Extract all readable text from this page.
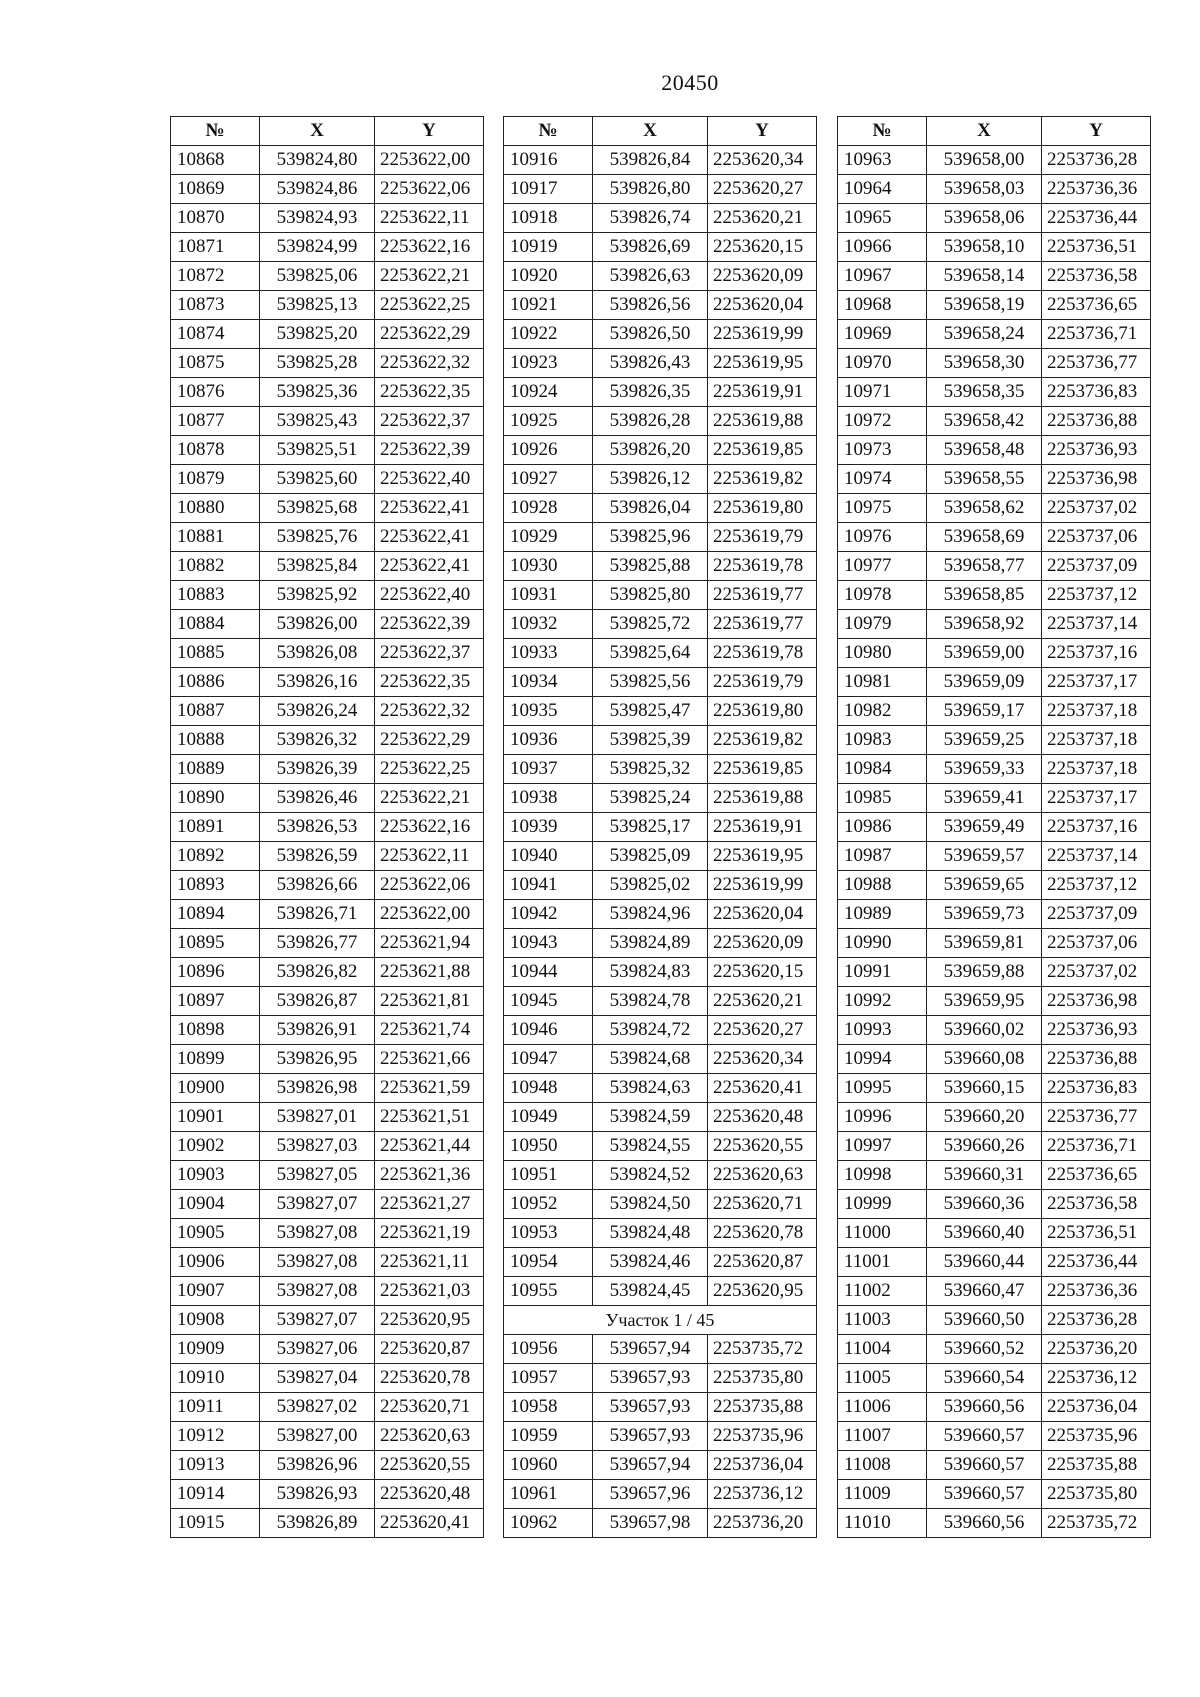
20450
№	X	Y
10868	539824,80	2253622,00
10869	539824,86	2253622,06
10870	539824,93	2253622,11
10871	539824,99	2253622,16
10872	539825,06	2253622,21
10873	539825,13	2253622,25
10874	539825,20	2253622,29
10875	539825,28	2253622,32
10876	539825,36	2253622,35
10877	539825,43	2253622,37
10878	539825,51	2253622,39
10879	539825,60	2253622,40
10880	539825,68	2253622,41
10881	539825,76	2253622,41
10882	539825,84	2253622,41
10883	539825,92	2253622,40
10884	539826,00	2253622,39
10885	539826,08	2253622,37
10886	539826,16	2253622,35
10887	539826,24	2253622,32
10888	539826,32	2253622,29
10889	539826,39	2253622,25
10890	539826,46	2253622,21
10891	539826,53	2253622,16
10892	539826,59	2253622,11
10893	539826,66	2253622,06
10894	539826,71	2253622,00
10895	539826,77	2253621,94
10896	539826,82	2253621,88
10897	539826,87	2253621,81
10898	539826,91	2253621,74
10899	539826,95	2253621,66
10900	539826,98	2253621,59
10901	539827,01	2253621,51
10902	539827,03	2253621,44
10903	539827,05	2253621,36
10904	539827,07	2253621,27
10905	539827,08	2253621,19
10906	539827,08	2253621,11
10907	539827,08	2253621,03
10908	539827,07	2253620,95
10909	539827,06	2253620,87
10910	539827,04	2253620,78
10911	539827,02	2253620,71
10912	539827,00	2253620,63
10913	539826,96	2253620,55
10914	539826,93	2253620,48
10915	539826,89	2253620,41
№	X	Y
10916	539826,84	2253620,34
10917	539826,80	2253620,27
10918	539826,74	2253620,21
10919	539826,69	2253620,15
10920	539826,63	2253620,09
10921	539826,56	2253620,04
10922	539826,50	2253619,99
10923	539826,43	2253619,95
10924	539826,35	2253619,91
10925	539826,28	2253619,88
10926	539826,20	2253619,85
10927	539826,12	2253619,82
10928	539826,04	2253619,80
10929	539825,96	2253619,79
10930	539825,88	2253619,78
10931	539825,80	2253619,77
10932	539825,72	2253619,77
10933	539825,64	2253619,78
10934	539825,56	2253619,79
10935	539825,47	2253619,80
10936	539825,39	2253619,82
10937	539825,32	2253619,85
10938	539825,24	2253619,88
10939	539825,17	2253619,91
10940	539825,09	2253619,95
10941	539825,02	2253619,99
10942	539824,96	2253620,04
10943	539824,89	2253620,09
10944	539824,83	2253620,15
10945	539824,78	2253620,21
10946	539824,72	2253620,27
10947	539824,68	2253620,34
10948	539824,63	2253620,41
10949	539824,59	2253620,48
10950	539824,55	2253620,55
10951	539824,52	2253620,63
10952	539824,50	2253620,71
10953	539824,48	2253620,78
10954	539824,46	2253620,87
10955	539824,45	2253620,95
Участок 1 / 45		
10956	539657,94	2253735,72
10957	539657,93	2253735,80
10958	539657,93	2253735,88
10959	539657,93	2253735,96
10960	539657,94	2253736,04
10961	539657,96	2253736,12
10962	539657,98	2253736,20
№	X	Y
10963	539658,00	2253736,28
10964	539658,03	2253736,36
10965	539658,06	2253736,44
10966	539658,10	2253736,51
10967	539658,14	2253736,58
10968	539658,19	2253736,65
10969	539658,24	2253736,71
10970	539658,30	2253736,77
10971	539658,35	2253736,83
10972	539658,42	2253736,88
10973	539658,48	2253736,93
10974	539658,55	2253736,98
10975	539658,62	2253737,02
10976	539658,69	2253737,06
10977	539658,77	2253737,09
10978	539658,85	2253737,12
10979	539658,92	2253737,14
10980	539659,00	2253737,16
10981	539659,09	2253737,17
10982	539659,17	2253737,18
10983	539659,25	2253737,18
10984	539659,33	2253737,18
10985	539659,41	2253737,17
10986	539659,49	2253737,16
10987	539659,57	2253737,14
10988	539659,65	2253737,12
10989	539659,73	2253737,09
10990	539659,81	2253737,06
10991	539659,88	2253737,02
10992	539659,95	2253736,98
10993	539660,02	2253736,93
10994	539660,08	2253736,88
10995	539660,15	2253736,83
10996	539660,20	2253736,77
10997	539660,26	2253736,71
10998	539660,31	2253736,65
10999	539660,36	2253736,58
11000	539660,40	2253736,51
11001	539660,44	2253736,44
11002	539660,47	2253736,36
11003	539660,50	2253736,28
11004	539660,52	2253736,20
11005	539660,54	2253736,12
11006	539660,56	2253736,04
11007	539660,57	2253735,96
11008	539660,57	2253735,88
11009	539660,57	2253735,80
11010	539660,56	2253735,72
